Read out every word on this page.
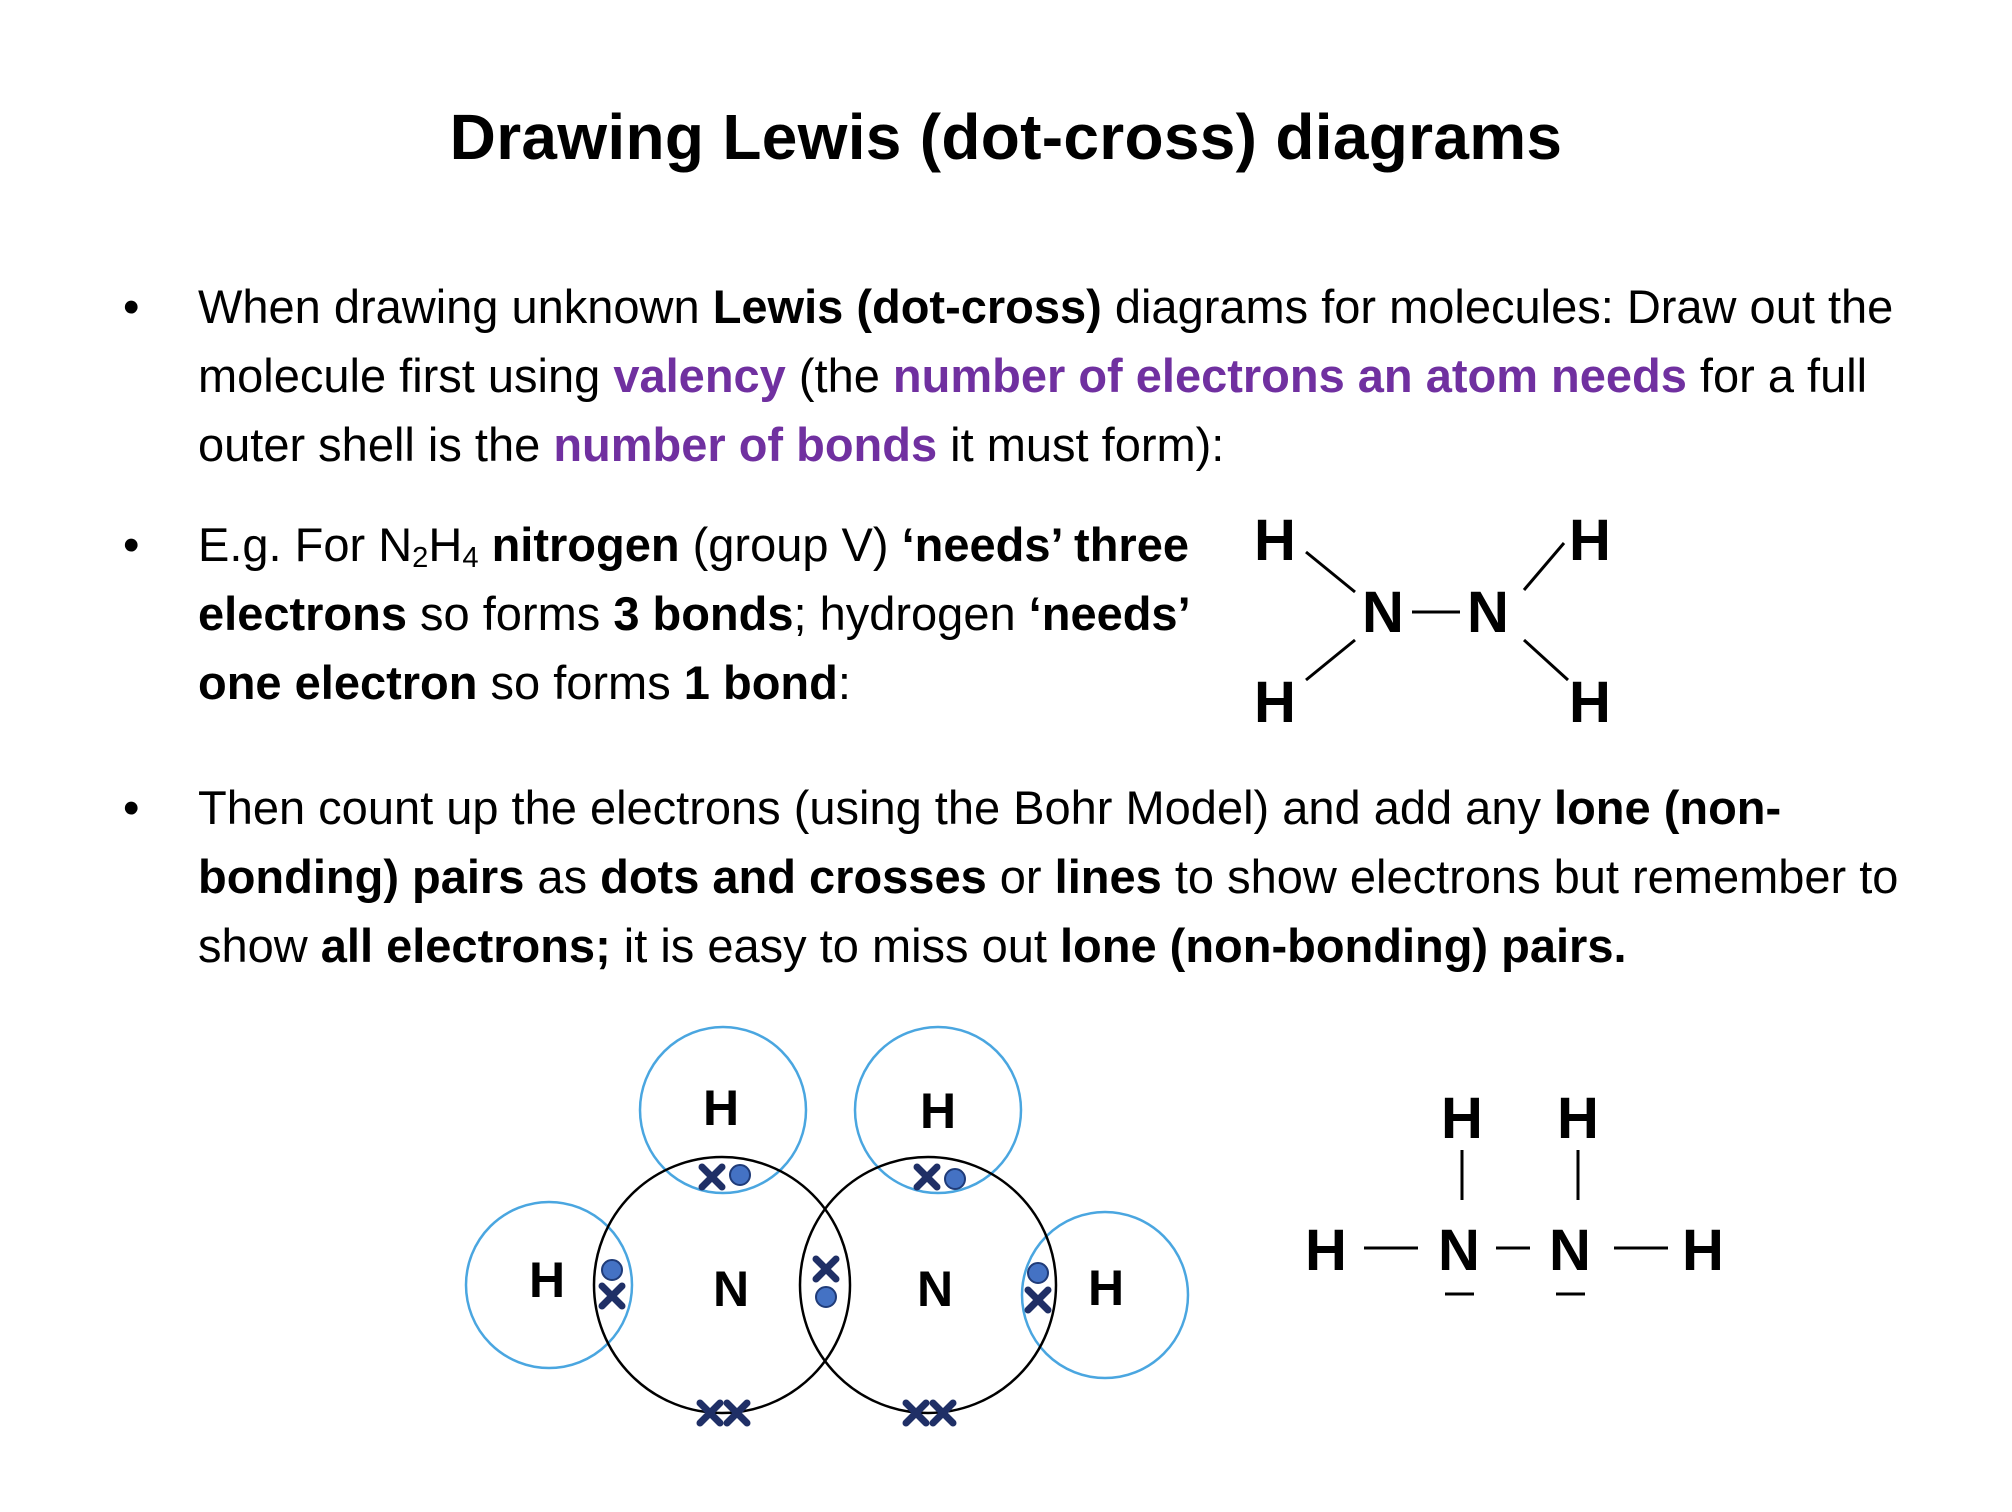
Drawing Lewis (dot-cross) diagrams
• When drawing unknown Lewis (dot-cross) diagrams for molecules: Draw out the molecule first using valency (the number of electrons an atom needs for a full outer shell is the number of bonds it must form):
• E.g. For $N_2H_4$ nitrogen (group V) ‘needs’ three electrons so forms 3 bonds; hydrogen ‘needs’ one electron so forms 1 bond:
• Then count up the electrons (using the Bohr Model) and add any lone (non-bonding) pairs as dots and crosses or lines to show electrons but remember to show all electrons; it is easy to miss out lone (non-bonding) pairs.
H	H
N N
H	H
H	H
H	H
N	N
H H
H N N H
